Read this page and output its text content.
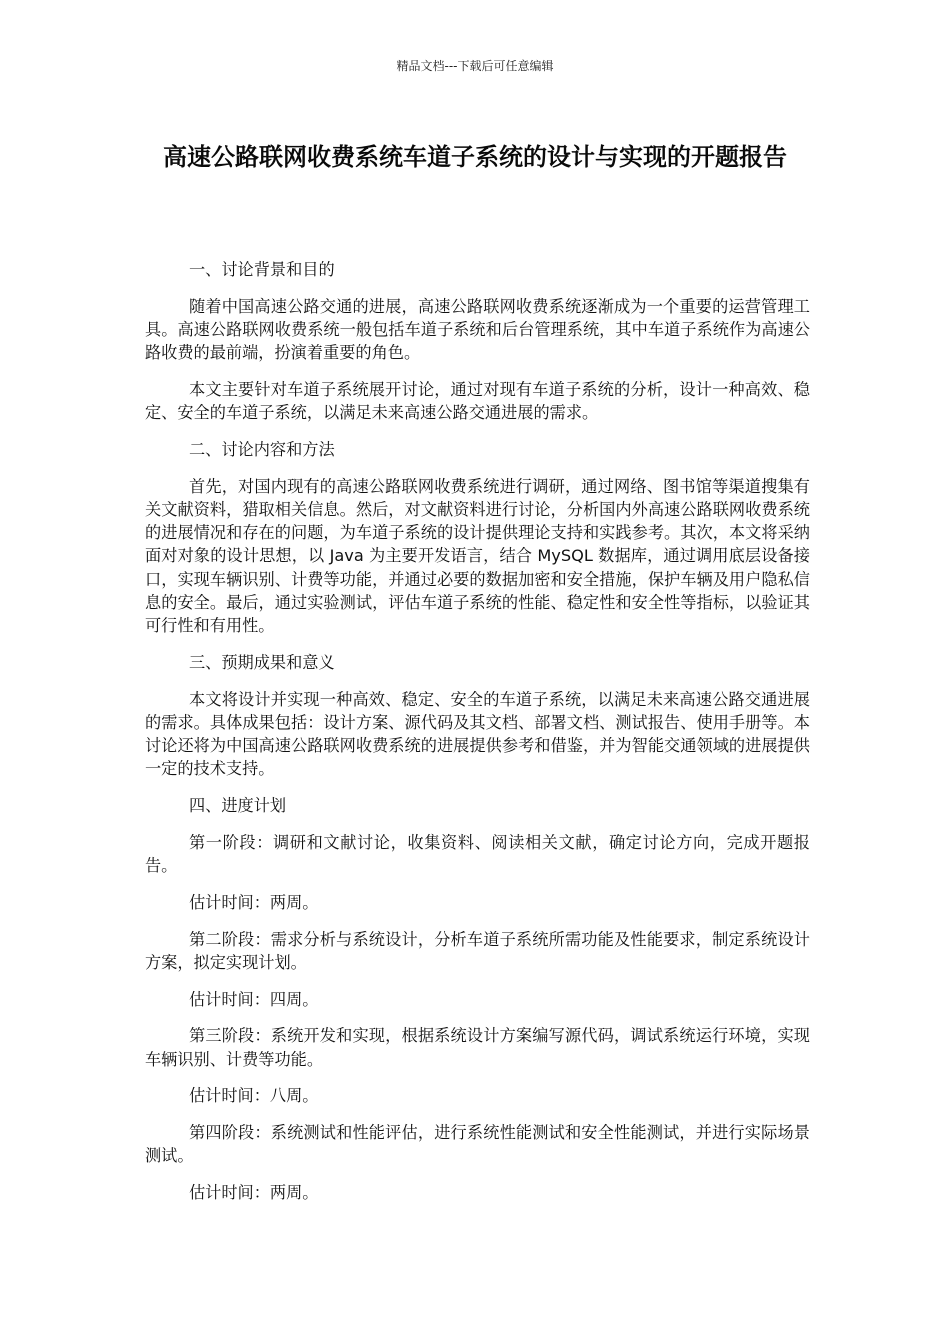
精品文档---下载后可任意编辑
高速公路联网收费系统车道子系统的设计与实现的开题报告

一、讨论背景和目的

随着中国高速公路交通的进展，高速公路联网收费系统逐渐成为一个重要的运营管理工具。高速公路联网收费系统一般包括车道子系统和后台管理系统，其中车道子系统作为高速公路收费的最前端，扮演着重要的角色。

本文主要针对车道子系统展开讨论，通过对现有车道子系统的分析，设计一种高效、稳定、安全的车道子系统，以满足未来高速公路交通进展的需求。

二、讨论内容和方法

首先，对国内现有的高速公路联网收费系统进行调研，通过网络、图书馆等渠道搜集有关文献资料，猎取相关信息。然后，对文献资料进行讨论，分析国内外高速公路联网收费系统的进展情况和存在的问题，为车道子系统的设计提供理论支持和实践参考。其次，本文将采纳面对对象的设计思想，以 Java 为主要开发语言，结合 MySQL 数据库，通过调用底层设备接口，实现车辆识别、计费等功能，并通过必要的数据加密和安全措施，保护车辆及用户隐私信息的安全。最后，通过实验测试，评估车道子系统的性能、稳定性和安全性等指标，以验证其可行性和有用性。

三、预期成果和意义

本文将设计并实现一种高效、稳定、安全的车道子系统，以满足未来高速公路交通进展的需求。具体成果包括：设计方案、源代码及其文档、部署文档、测试报告、使用手册等。本讨论还将为中国高速公路联网收费系统的进展提供参考和借鉴，并为智能交通领域的进展提供一定的技术支持。

四、进度计划

第一阶段：调研和文献讨论，收集资料、阅读相关文献，确定讨论方向，完成开题报告。

估计时间：两周。

第二阶段：需求分析与系统设计，分析车道子系统所需功能及性能要求，制定系统设计方案，拟定实现计划。

估计时间：四周。

第三阶段：系统开发和实现，根据系统设计方案编写源代码，调试系统运行环境，实现车辆识别、计费等功能。

估计时间：八周。

第四阶段：系统测试和性能评估，进行系统性能测试和安全性能测试，并进行实际场景测试。

估计时间：两周。
